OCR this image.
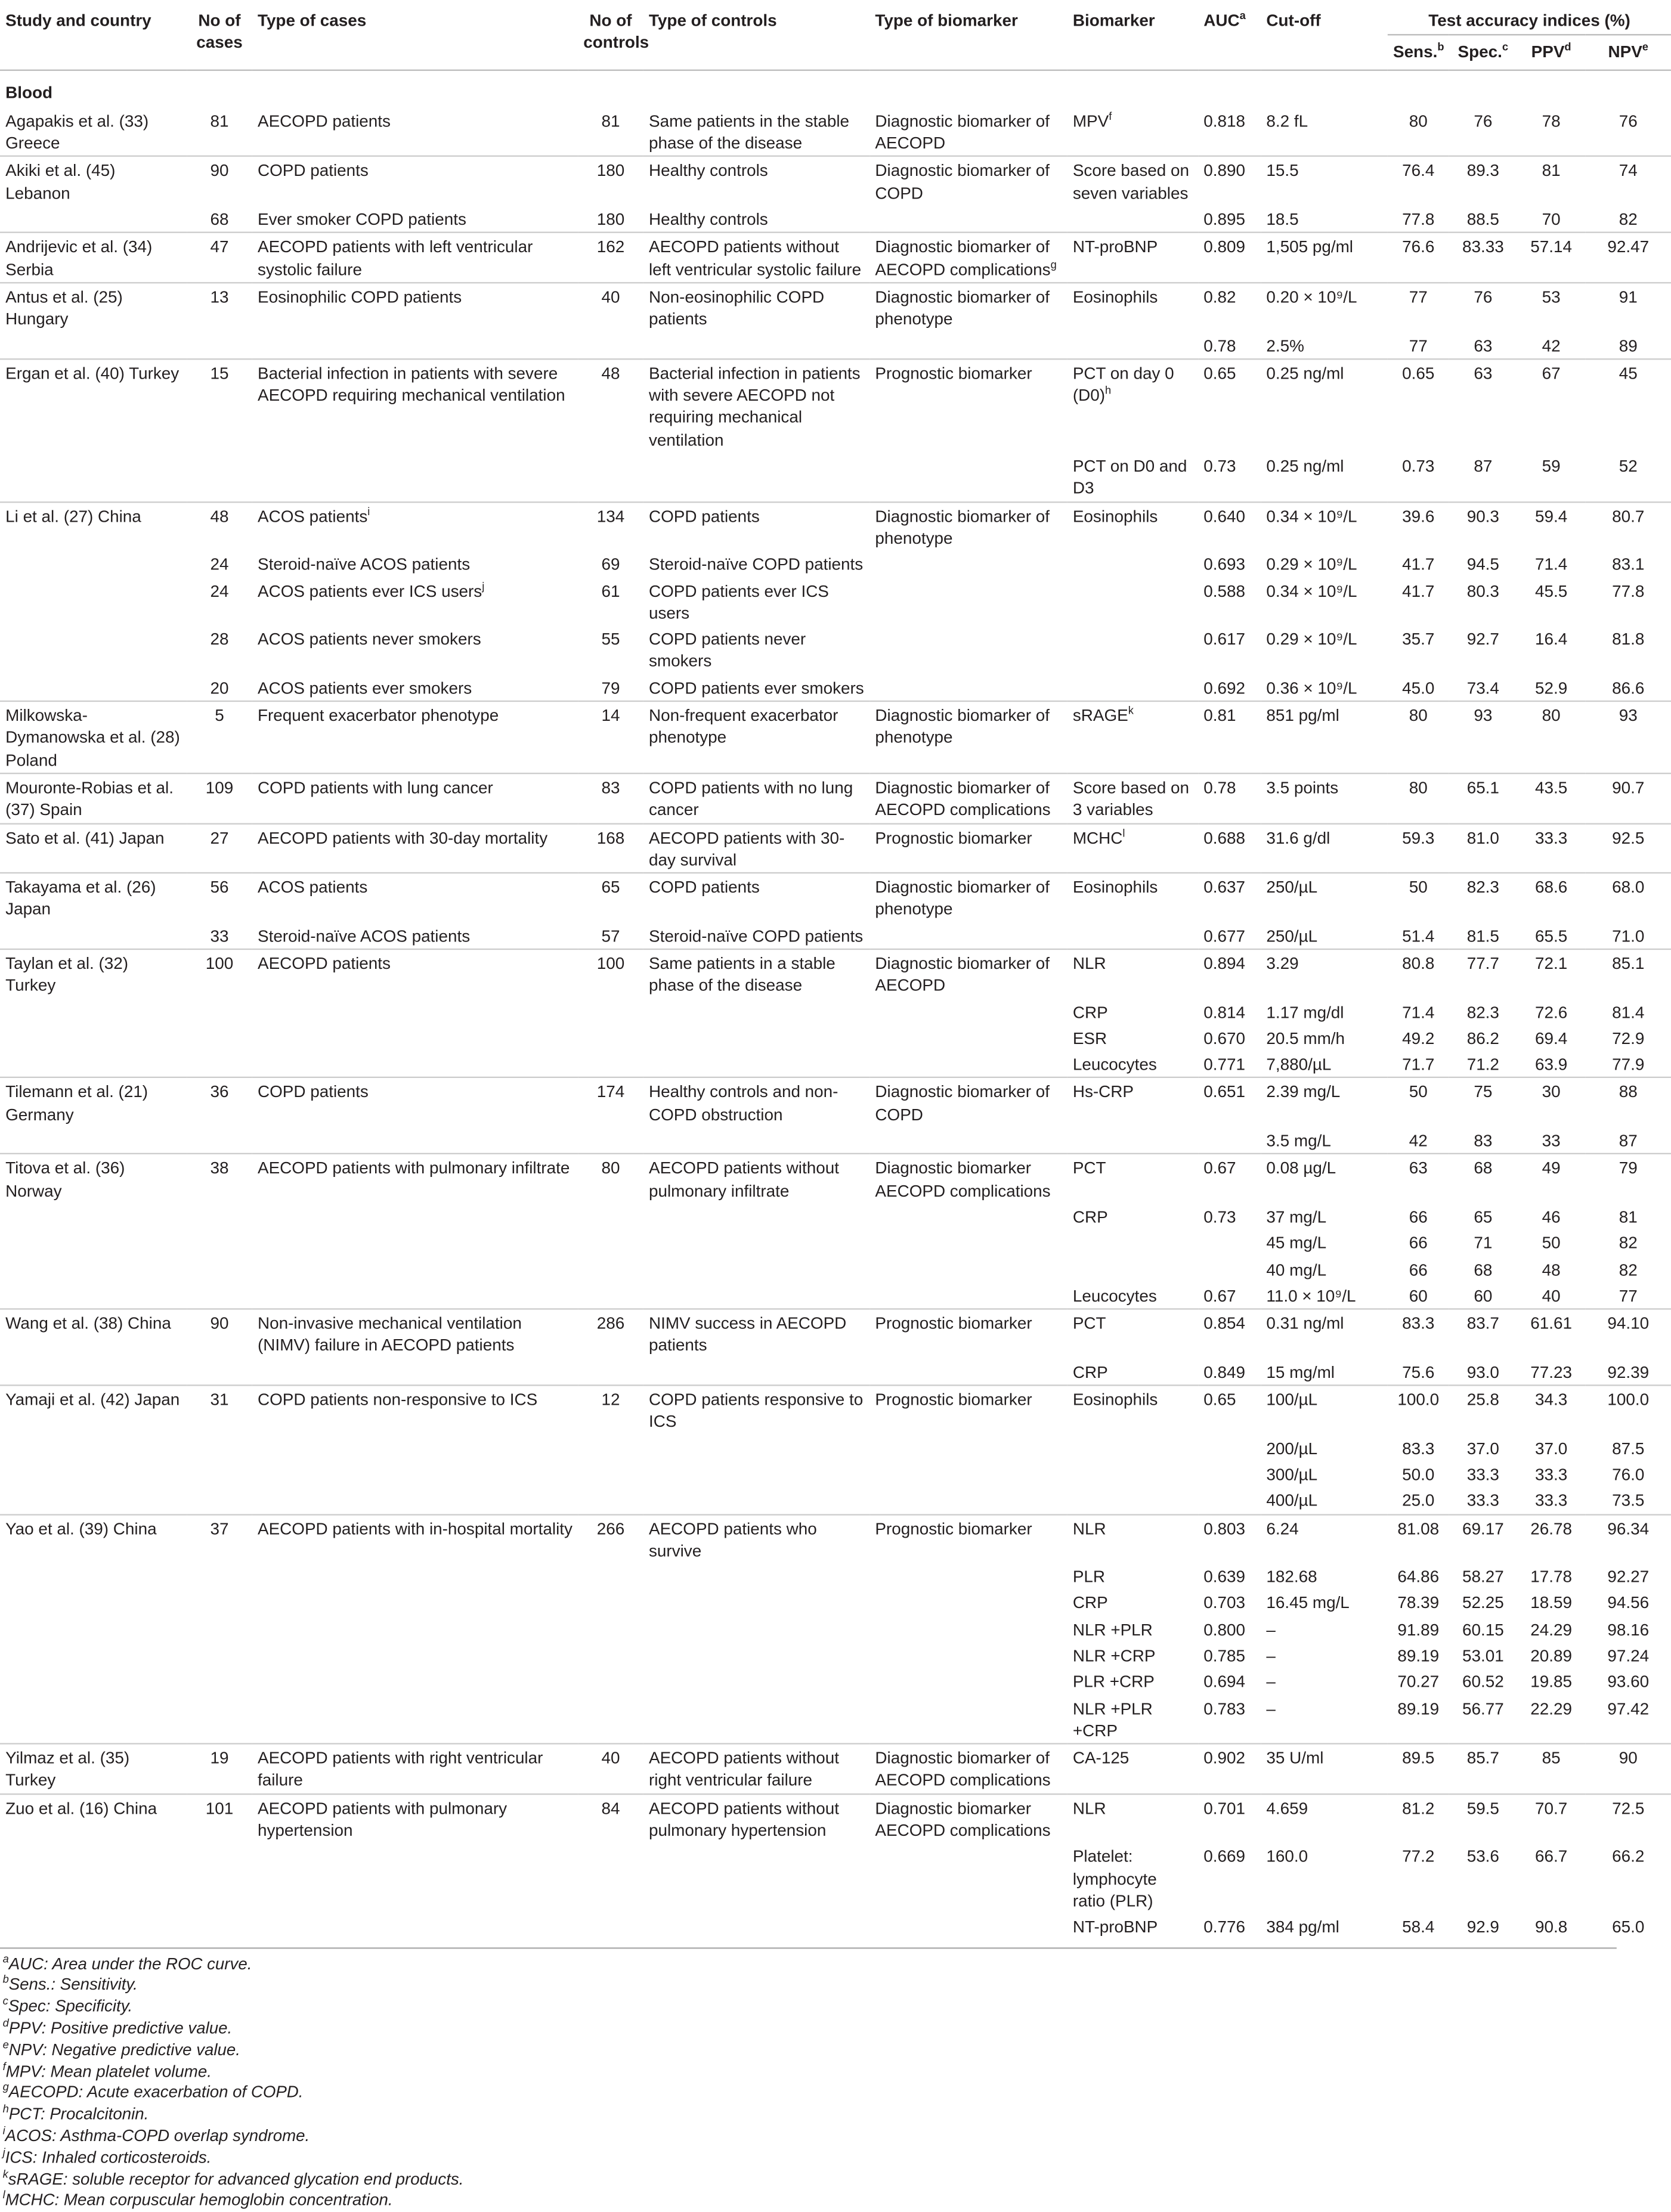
Study and country	No of cases	Type of cases	No of controls	Type of controls	Type of biomarker	Biomarker	AUC$^a$	Cut-off	Test accuracy indices (%)			
									Sens.$^b$	Spec.$^c$	PPV$^d$	NPV$^e$
Blood												
Agapakis et al. (33) Greece	81	AECOPD patients	81	Same patients in the stable phase of the disease	Diagnostic biomarker of AECOPD	MPV$^f$	0.818	8.2 fL	80	76	78	76
Akiki et al. (45) Lebanon	90	COPD patients	180	Healthy controls	Diagnostic biomarker of COPD	Score based on seven variables	0.890	15.5	76.4	89.3	81	74
	68	Ever smoker COPD patients	180	Healthy controls			0.895	18.5	77.8	88.5	70	82
Andrijevic et al. (34) Serbia	47	AECOPD patients with left ventricular systolic failure	162	AECOPD patients without left ventricular systolic failure	Diagnostic biomarker of AECOPD complications$^g$	NT-proBNP	0.809	1,505 pg/ml	76.6	83.33	57.14	92.47
Antus et al. (25) Hungary	13	Eosinophilic COPD patients	40	Non-eosinophilic COPD patients	Diagnostic biomarker of phenotype	Eosinophils	0.82	0.20 × 10⁹/L	77	76	53	91
							0.78	2.5%	77	63	42	89
Ergan et al. (40) Turkey	15	Bacterial infection in patients with severe AECOPD requiring mechanical ventilation	48	Bacterial infection in patients with severe AECOPD not requiring mechanical ventilation	Prognostic biomarker	PCT on day 0 $(D0)^h$	0.65	0.25 ng/ml	0.65	63	67	45
						PCT on D0 and D3	0.73	0.25 ng/ml	0.73	87	59	52
Li et al. (27) China	48	ACOS patients$^i$	134	COPD patients	Diagnostic biomarker of phenotype	Eosinophils	0.640	0.34 × 10⁹/L	39.6	90.3	59.4	80.7
	24	Steroid-naïve ACOS patients	69	Steroid-naïve COPD patients			0.693	0.29 × 10⁹/L	41.7	94.5	71.4	83.1
	24	ACOS patients ever ICS users$^j$	61	COPD patients ever ICS users			0.588	0.34 × 10⁹/L	41.7	80.3	45.5	77.8
	28	ACOS patients never smokers	55	COPD patients never smokers			0.617	0.29 × 10⁹/L	35.7	92.7	16.4	81.8
	20	ACOS patients ever smokers	79	COPD patients ever smokers			0.692	0.36 × 10⁹/L	45.0	73.4	52.9	86.6
Milkowska-Dymanowska et al. (28) Poland	5	Frequent exacerbator phenotype	14	Non-frequent exacerbator phenotype	Diagnostic biomarker of phenotype	sRAGE$^k$	0.81	851 pg/ml	80	93	80	93
Mouronte-Robias et al. (37) Spain	109	COPD patients with lung cancer	83	COPD patients with no lung cancer	Diagnostic biomarker of AECOPD complications	Score based on 3 variables	0.78	3.5 points	80	65.1	43.5	90.7
Sato et al. (41) Japan	27	AECOPD patients with 30-day mortality	168	AECOPD patients with 30-day survival	Prognostic biomarker	MCHC$^l$	0.688	31.6 g/dl	59.3	81.0	33.3	92.5
Takayama et al. (26) Japan	56	ACOS patients	65	COPD patients	Diagnostic biomarker of phenotype	Eosinophils	0.637	250/µL	50	82.3	68.6	68.0
	33	Steroid-naïve ACOS patients	57	Steroid-naïve COPD patients			0.677	250/µL	51.4	81.5	65.5	71.0
Taylan et al. (32) Turkey	100	AECOPD patients	100	Same patients in a stable phase of the disease	Diagnostic biomarker of AECOPD	NLR	0.894	3.29	80.8	77.7	72.1	85.1
						CRP	0.814	1.17 mg/dl	71.4	82.3	72.6	81.4
						ESR	0.670	20.5 mm/h	49.2	86.2	69.4	72.9
						Leucocytes	0.771	7,880/µL	71.7	71.2	63.9	77.9
Tilemann et al. (21) Germany	36	COPD patients	174	Healthy controls and non-COPD obstruction	Diagnostic biomarker of COPD	Hs-CRP	0.651	2.39 mg/L	50	75	30	88
								3.5 mg/L	42	83	33	87
Titova et al. (36) Norway	38	AECOPD patients with pulmonary infiltrate	80	AECOPD patients without pulmonary infiltrate	Diagnostic biomarker AECOPD complications	PCT	0.67	0.08 µg/L	63	68	49	79
						CRP	0.73	37 mg/L	66	65	46	81
								45 mg/L	66	71	50	82
								40 mg/L	66	68	48	82
						Leucocytes	0.67	11.0 × 10⁹/L	60	60	40	77
Wang et al. (38) China	90	Non-invasive mechanical ventilation (NIMV) failure in AECOPD patients	286	NIMV success in AECOPD patients	Prognostic biomarker	PCT	0.854	0.31 ng/ml	83.3	83.7	61.61	94.10
						CRP	0.849	15 mg/ml	75.6	93.0	77.23	92.39
Yamaji et al. (42) Japan	31	COPD patients non-responsive to ICS	12	COPD patients responsive to ICS	Prognostic biomarker	Eosinophils	0.65	100/µL	100.0	25.8	34.3	100.0
								200/µL	83.3	37.0	37.0	87.5
								300/µL	50.0	33.3	33.3	76.0
								400/µL	25.0	33.3	33.3	73.5
Yao et al. (39) China	37	AECOPD patients with in-hospital mortality	266	AECOPD patients who survive	Prognostic biomarker	NLR	0.803	6.24	81.08	69.17	26.78	96.34
						PLR	0.639	182.68	64.86	58.27	17.78	92.27
						CRP	0.703	16.45 mg/L	78.39	52.25	18.59	94.56
						NLR +PLR	0.800	–	91.89	60.15	24.29	98.16
						NLR +CRP	0.785	–	89.19	53.01	20.89	97.24
						PLR +CRP	0.694	–	70.27	60.52	19.85	93.60
						NLR +PLR +CRP	0.783	–	89.19	56.77	22.29	97.42
Yilmaz et al. (35) Turkey	19	AECOPD patients with right ventricular failure	40	AECOPD patients without right ventricular failure	Diagnostic biomarker of AECOPD complications	CA-125	0.902	35 U/ml	89.5	85.7	85	90
Zuo et al. (16) China	101	AECOPD patients with pulmonary hypertension	84	AECOPD patients without pulmonary hypertension	Diagnostic biomarker AECOPD complications	NLR	0.701	4.659	81.2	59.5	70.7	72.5
						Platelet: lymphocyte ratio (PLR)	0.669	160.0	77.2	53.6	66.7	66.2
						NT-proBNP	0.776	384 pg/ml	58.4	92.9	90.8	65.0
$^a$AUC: Area under the ROC curve.
$^b$Sens.: Sensitivity.
$^c$Spec: Specificity.
$^d$PPV: Positive predictive value.
$^e$NPV: Negative predictive value.
$^f$MPV: Mean platelet volume.
$^g$AECOPD: Acute exacerbation of COPD.
$^h$PCT: Procalcitonin.
$^i$ACOS: Asthma-COPD overlap syndrome.
$^j$ICS: Inhaled corticosteroids.
$^k$sRAGE: soluble receptor for advanced glycation end products.
$^l$MCHC: Mean corpuscular hemoglobin concentration.
